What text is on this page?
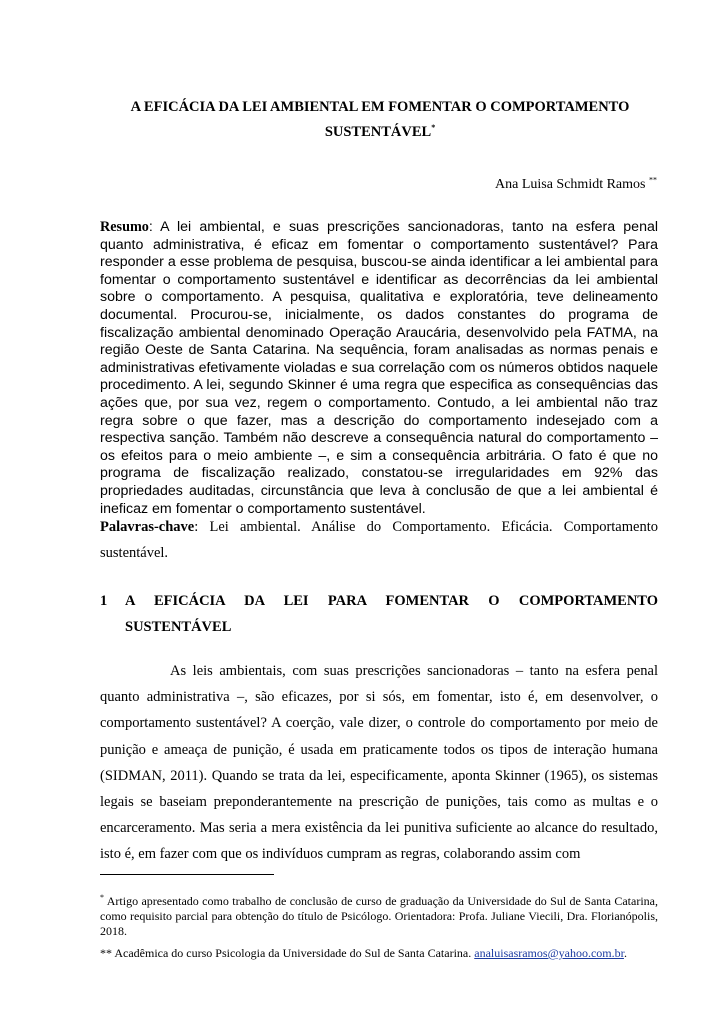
A EFICÁCIA DA LEI AMBIENTAL EM FOMENTAR O COMPORTAMENTO
SUSTENTÁVEL*
Ana Luisa Schmidt Ramos **
Resumo: A lei ambiental, e suas prescrições sancionadoras, tanto na esfera penal quanto administrativa, é eficaz em fomentar o comportamento sustentável? Para responder a esse problema de pesquisa, buscou-se ainda identificar a lei ambiental para fomentar o comportamento sustentável e identificar as decorrências da lei ambiental sobre o comportamento. A pesquisa, qualitativa e exploratória, teve delineamento documental. Procurou-se, inicialmente, os dados constantes do programa de fiscalização ambiental denominado Operação Araucária, desenvolvido pela FATMA, na região Oeste de Santa Catarina. Na sequência, foram analisadas as normas penais e administrativas efetivamente violadas e sua correlação com os números obtidos naquele procedimento. A lei, segundo Skinner é uma regra que especifica as consequências das ações que, por sua vez, regem o comportamento. Contudo, a lei ambiental não traz regra sobre o que fazer, mas a descrição do comportamento indesejado com a respectiva sanção. Também não descreve a consequência natural do comportamento – os efeitos para o meio ambiente –, e sim a consequência arbitrária. O fato é que no programa de fiscalização realizado, constatou-se irregularidades em 92% das propriedades auditadas, circunstância que leva à conclusão de que a lei ambiental é ineficaz em fomentar o comportamento sustentável.
Palavras-chave: Lei ambiental. Análise do Comportamento. Eficácia. Comportamento sustentável.
1 A EFICÁCIA DA LEI PARA FOMENTAR O COMPORTAMENTO
SUSTENTÁVEL
As leis ambientais, com suas prescrições sancionadoras – tanto na esfera penal quanto administrativa –, são eficazes, por si sós, em fomentar, isto é, em desenvolver, o comportamento sustentável? A coerção, vale dizer, o controle do comportamento por meio de punição e ameaça de punição, é usada em praticamente todos os tipos de interação humana (SIDMAN, 2011). Quando se trata da lei, especificamente, aponta Skinner (1965), os sistemas legais se baseiam preponderantemente na prescrição de punições, tais como as multas e o encarceramento. Mas seria a mera existência da lei punitiva suficiente ao alcance do resultado, isto é, em fazer com que os indivíduos cumpram as regras, colaborando assim com
* Artigo apresentado como trabalho de conclusão de curso de graduação da Universidade do Sul de Santa Catarina, como requisito parcial para obtenção do título de Psicólogo. Orientadora: Profa. Juliane Viecili, Dra. Florianópolis, 2018.
** Acadêmica do curso Psicologia da Universidade do Sul de Santa Catarina. analuisasramos@yahoo.com.br.
